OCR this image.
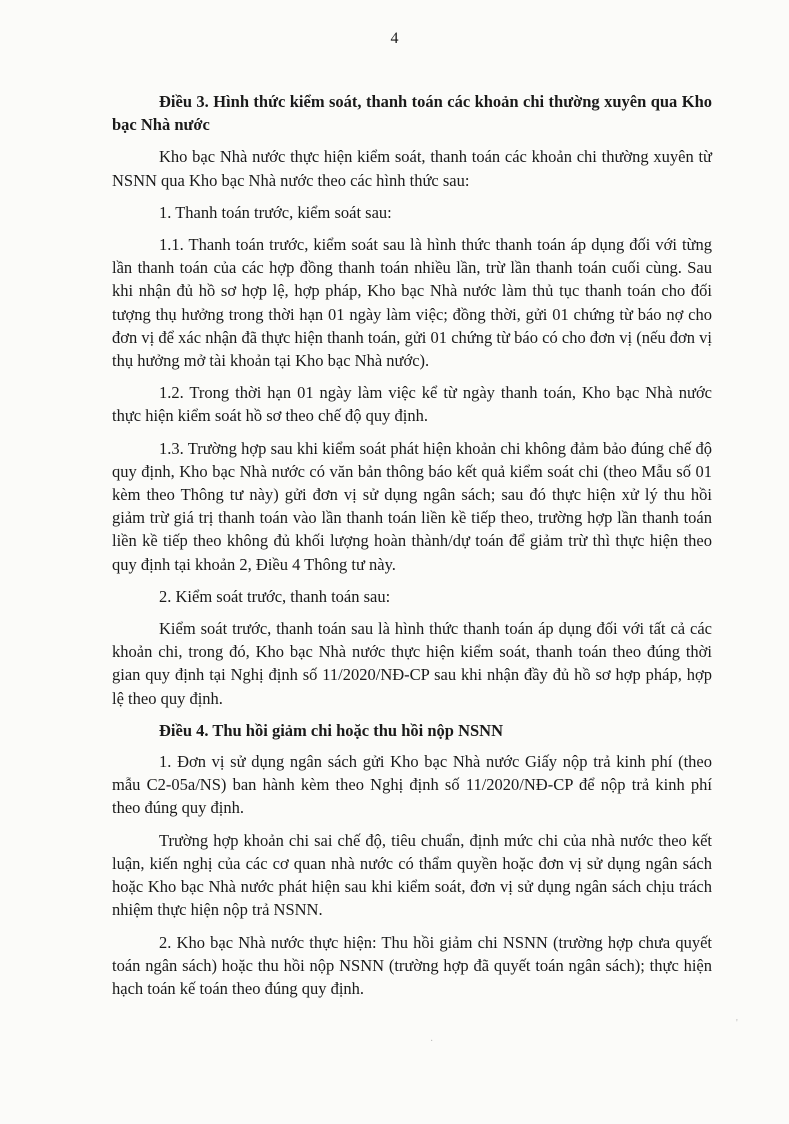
4

Điều 3. Hình thức kiểm soát, thanh toán các khoản chi thường xuyên qua Kho bạc Nhà nước

Kho bạc Nhà nước thực hiện kiểm soát, thanh toán các khoản chi thường xuyên từ NSNN qua Kho bạc Nhà nước theo các hình thức sau:

1. Thanh toán trước, kiểm soát sau:

1.1. Thanh toán trước, kiểm soát sau là hình thức thanh toán áp dụng đối với từng lần thanh toán của các hợp đồng thanh toán nhiều lần, trừ lần thanh toán cuối cùng. Sau khi nhận đủ hồ sơ hợp lệ, hợp pháp, Kho bạc Nhà nước làm thủ tục thanh toán cho đối tượng thụ hưởng trong thời hạn 01 ngày làm việc; đồng thời, gửi 01 chứng từ báo nợ cho đơn vị để xác nhận đã thực hiện thanh toán, gửi 01 chứng từ báo có cho đơn vị (nếu đơn vị thụ hưởng mở tài khoản tại Kho bạc Nhà nước).

1.2. Trong thời hạn 01 ngày làm việc kể từ ngày thanh toán, Kho bạc Nhà nước thực hiện kiểm soát hồ sơ theo chế độ quy định.

1.3. Trường hợp sau khi kiểm soát phát hiện khoản chi không đảm bảo đúng chế độ quy định, Kho bạc Nhà nước có văn bản thông báo kết quả kiểm soát chi (theo Mẫu số 01 kèm theo Thông tư này) gửi đơn vị sử dụng ngân sách; sau đó thực hiện xử lý thu hồi giảm trừ giá trị thanh toán vào lần thanh toán liền kề tiếp theo, trường hợp lần thanh toán liền kề tiếp theo không đủ khối lượng hoàn thành/dự toán để giảm trừ thì thực hiện theo quy định tại khoản 2, Điều 4 Thông tư này.

2. Kiểm soát trước, thanh toán sau:

Kiểm soát trước, thanh toán sau là hình thức thanh toán áp dụng đối với tất cả các khoản chi, trong đó, Kho bạc Nhà nước thực hiện kiểm soát, thanh toán theo đúng thời gian quy định tại Nghị định số 11/2020/NĐ-CP sau khi nhận đầy đủ hồ sơ hợp pháp, hợp lệ theo quy định.

Điều 4. Thu hồi giảm chi hoặc thu hồi nộp NSNN

1. Đơn vị sử dụng ngân sách gửi Kho bạc Nhà nước Giấy nộp trả kinh phí (theo mẫu C2-05a/NS) ban hành kèm theo Nghị định số 11/2020/NĐ-CP để nộp trả kinh phí theo đúng quy định.

Trường hợp khoản chi sai chế độ, tiêu chuẩn, định mức chi của nhà nước theo kết luận, kiến nghị của các cơ quan nhà nước có thẩm quyền hoặc đơn vị sử dụng ngân sách hoặc Kho bạc Nhà nước phát hiện sau khi kiểm soát, đơn vị sử dụng ngân sách chịu trách nhiệm thực hiện nộp trả NSNN.

2. Kho bạc Nhà nước thực hiện: Thu hồi giảm chi NSNN (trường hợp chưa quyết toán ngân sách) hoặc thu hồi nộp NSNN (trường hợp đã quyết toán ngân sách); thực hiện hạch toán kế toán theo đúng quy định.

'
·
